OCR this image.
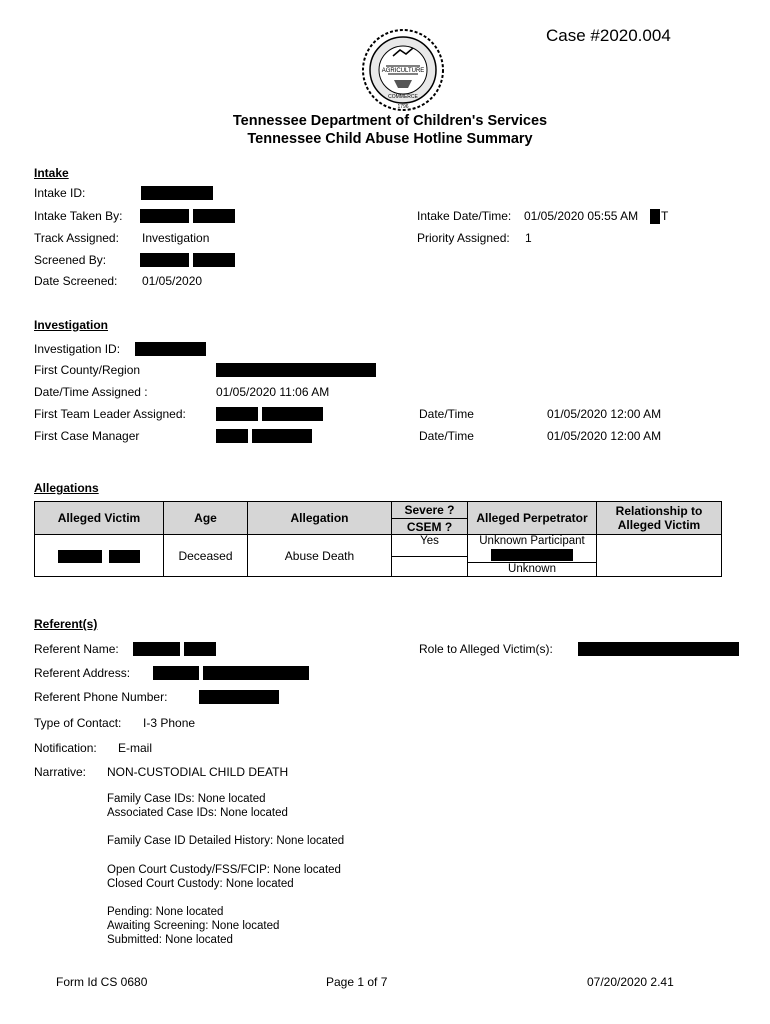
Case #2020.004
AGRICULTURE
COMMERCE
1796
Tennessee Department of Children's Services
Tennessee Child Abuse Hotline Summary
Intake
Intake ID:
Intake Taken By:	Intake Date/Time: 01/05/2020 05:55 AM T
Track Assigned: Investigation	Priority Assigned: 1
Screened By:
Date Screened: 01/05/2020
Investigation
Investigation ID:
First County/Region
Date/Time Assigned :	01/05/2020 11:06 AM
First Team Leader Assigned:	Date/Time	01/05/2020 12:00 AM
First Case Manager	Date/Time	01/05/2020 12:00 AM
Allegations
Alleged Victim	Age	Allegation	Severe ?	Alleged Perpetrator	Relationship to
Alleged Victim

			CSEM ?		
	Deceased	Abuse Death	Yes	Unknown Participant
Unknown	

Referent(s)
Referent Name:	Role to Alleged Victim(s):
Referent Address:
Referent Phone Number:
Type of Contact: I-3 Phone
Notification: E-mail
Narrative: NON-CUSTODIAL CHILD DEATH
Family Case IDs: None located
Associated Case IDs: None located
Family Case ID Detailed History: None located
Open Court Custody/FSS/FCIP: None located
Closed Court Custody: None located
Pending: None located
Awaiting Screening: None located
Submitted: None located
Form Id CS 0680	Page 1 of 7	07/20/2020 2.41
